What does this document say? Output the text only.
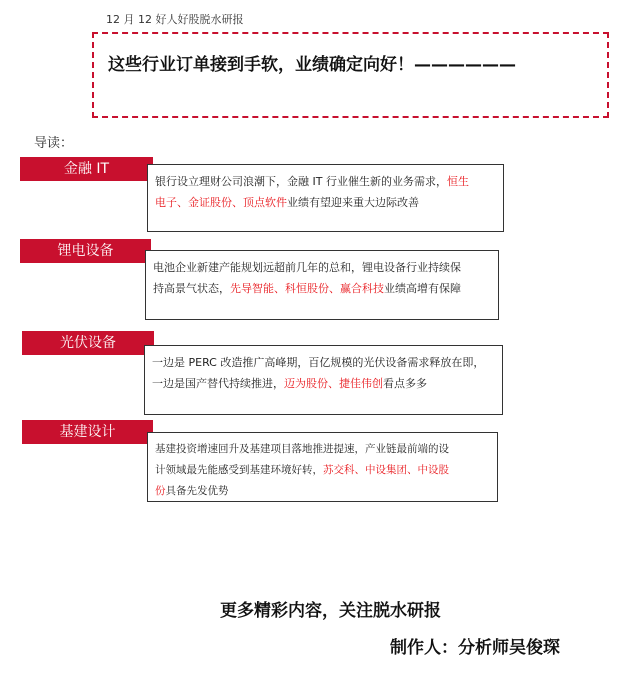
12 月 12 好人好股脱水研报
这些行业订单接到手软，业绩确定向好！——————
导读：
金融 IT
银行设立理财公司浪潮下，金融 IT 行业催生新的业务需求，恒生
电子、金证股份、顶点软件业绩有望迎来重大边际改善
锂电设备
电池企业新建产能规划远超前几年的总和，锂电设备行业持续保
持高景气状态，先导智能、科恒股份、赢合科技业绩高增有保障
光伏设备
一边是 PERC 改造推广高峰期，百亿规模的光伏设备需求释放在即，
一边是国产替代持续推进，迈为股份、捷佳伟创看点多多
基建设计
基建投资增速回升及基建项目落地推进提速，产业链最前端的设
计领域最先能感受到基建环境好转，苏交科、中设集团、中设股
份具备先发优势
更多精彩内容，关注脱水研报
制作人：分析师吴俊琛
